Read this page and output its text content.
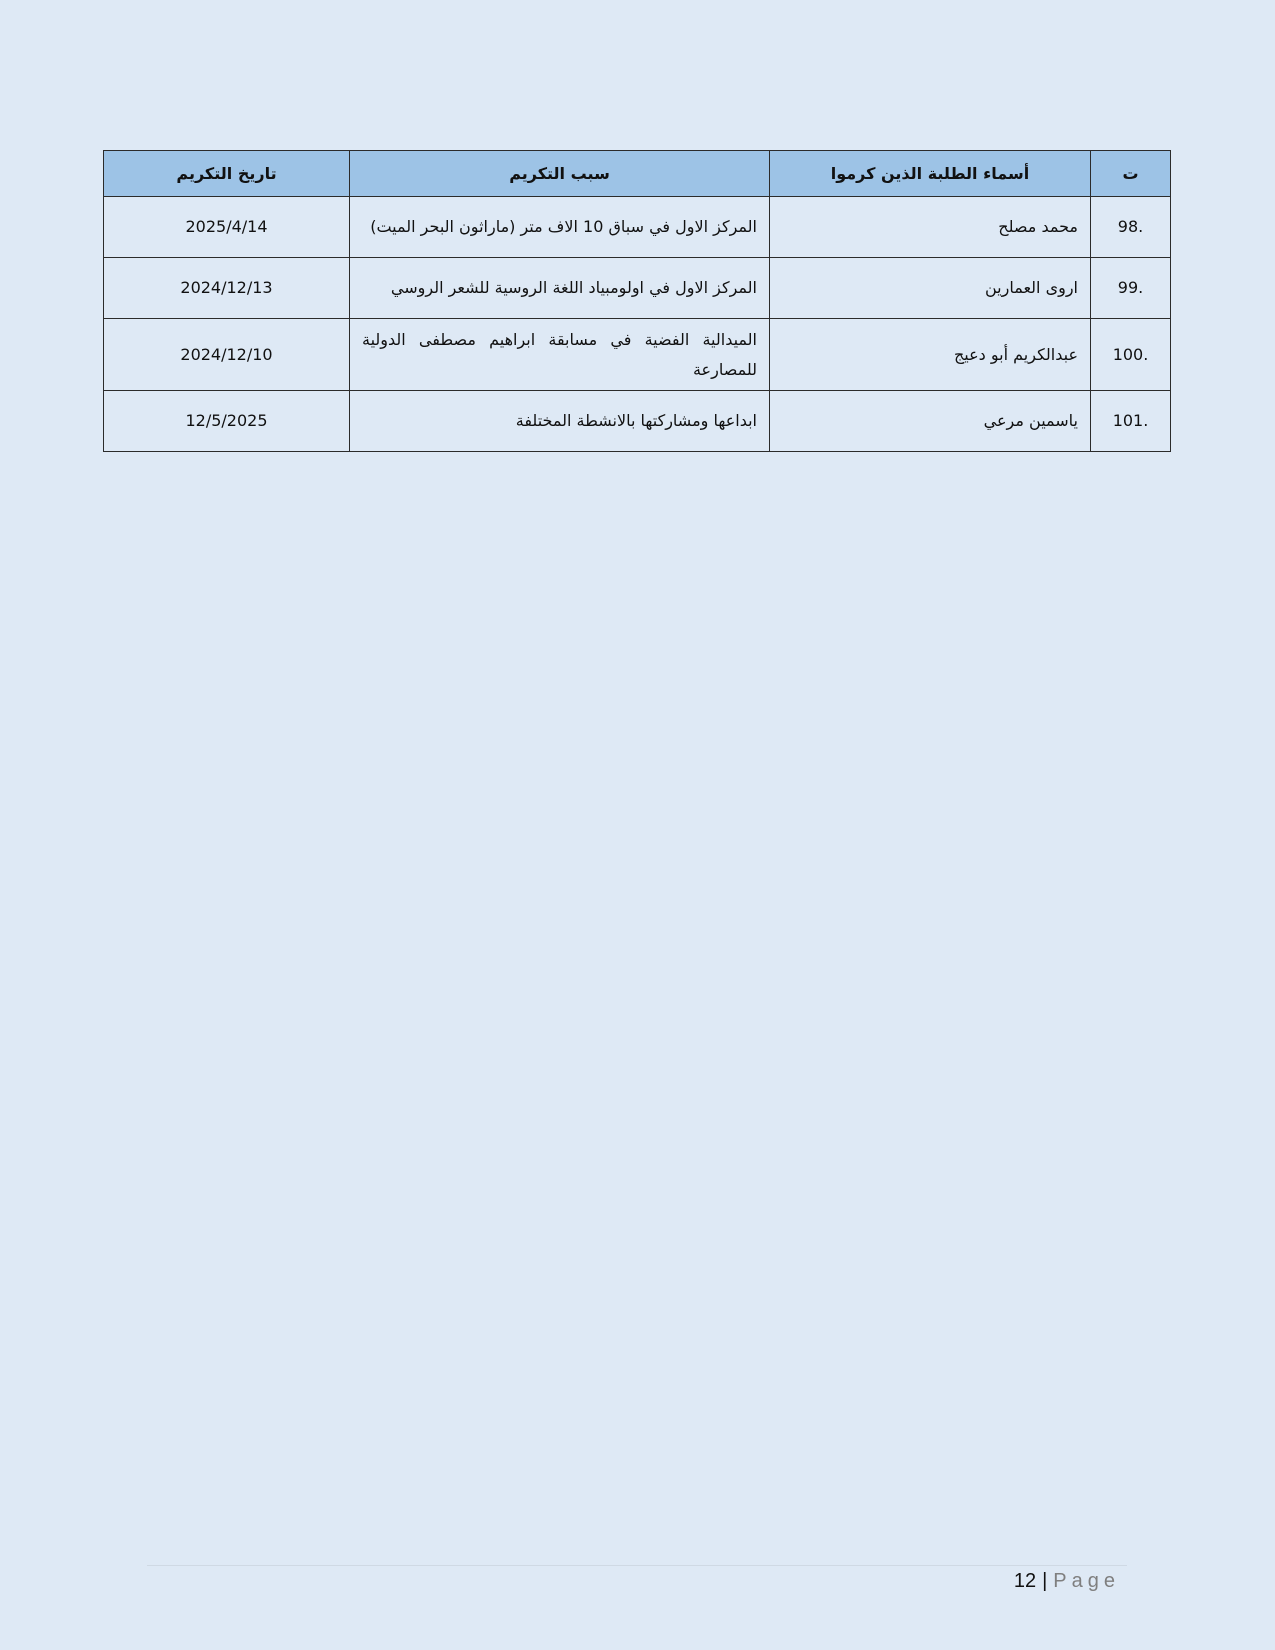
ت	أسماء الطلبة الذين كرموا	سبب التكريم	تاريخ التكريم
98.	محمد مصلح	المركز الاول في سباق 10 الاف متر (ماراثون البحر الميت)	2025/4/14
99.	اروى العمارين	المركز الاول في اولومبياد اللغة الروسية للشعر الروسي	2024/12/13
100.	عبدالكريم أبو دعيج	الميدالية الفضية في مسابقة ابراهيم مصطفى الدولية للمصارعة	2024/12/10
101.	ياسمين مرعي	ابداعها ومشاركتها بالانشطة المختلفة	12/5/2025
12 | Page
